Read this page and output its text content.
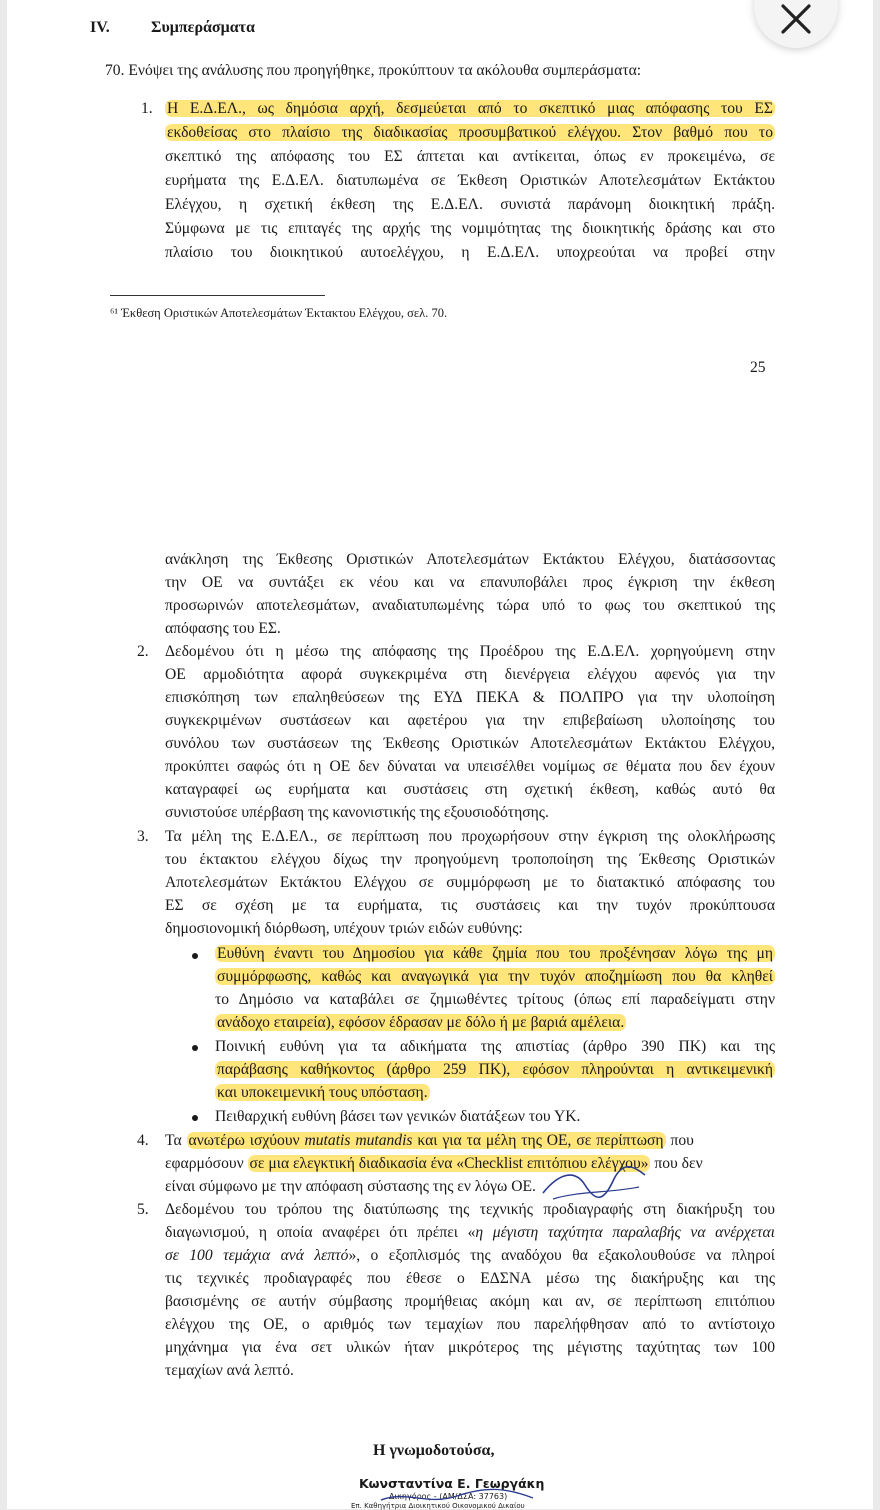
IV.	Συμπεράσματα
70. Ενόψει της ανάλυσης που προηγήθηκε, προκύπτουν τα ακόλουθα συμπεράσματα:
1. Η Ε.Δ.ΕΛ., ως δημόσια αρχή, δεσμεύεται από το σκεπτικό μιας απόφασης του ΕΣ
εκδοθείσας στο πλαίσιο της διαδικασίας προσυμβατικού ελέγχου. Στον βαθμό που το
σκεπτικό της απόφασης του ΕΣ άπτεται και αντίκειται, όπως εν προκειμένω, σε
ευρήματα της Ε.Δ.ΕΛ. διατυπωμένα σε Έκθεση Οριστικών Αποτελεσμάτων Εκτάκτου
Ελέγχου, η σχετική έκθεση της Ε.Δ.ΕΛ. συνιστά παράνομη διοικητική πράξη.
Σύμφωνα με τις επιταγές της αρχής της νομιμότητας της διοικητικής δράσης και στο
πλαίσιο του διοικητικού αυτοελέγχου, η Ε.Δ.ΕΛ. υποχρεούται να προβεί στην
⁶¹ Έκθεση Οριστικών Αποτελεσμάτων Έκτακτου Ελέγχου, σελ. 70.
25
ανάκληση της Έκθεσης Οριστικών Αποτελεσμάτων Εκτάκτου Ελέγχου, διατάσσοντας
την ΟΕ να συντάξει εκ νέου και να επανυποβάλει προς έγκριση την έκθεση
προσωρινών αποτελεσμάτων, αναδιατυπωμένης τώρα υπό το φως του σκεπτικού της
απόφασης του ΕΣ.
2. Δεδομένου ότι η μέσω της απόφασης της Προέδρου της Ε.Δ.ΕΛ. χορηγούμενη στην
ΟΕ αρμοδιότητα αφορά συγκεκριμένα στη διενέργεια ελέγχου αφενός για την
επισκόπηση των επαληθεύσεων της ΕΥΔ ΠΕΚΑ & ΠΟΛΠΡΟ για την υλοποίηση
συγκεκριμένων συστάσεων και αφετέρου για την επιβεβαίωση υλοποίησης του
συνόλου των συστάσεων της Έκθεσης Οριστικών Αποτελεσμάτων Εκτάκτου Ελέγχου,
προκύπτει σαφώς ότι η ΟΕ δεν δύναται να υπεισέλθει νομίμως σε θέματα που δεν έχουν
καταγραφεί ως ευρήματα και συστάσεις στη σχετική έκθεση, καθώς αυτό θα
συνιστούσε υπέρβαση της κανονιστικής της εξουσιοδότησης.
3. Τα μέλη της Ε.Δ.ΕΛ., σε περίπτωση που προχωρήσουν στην έγκριση της ολοκλήρωσης
του έκτακτου ελέγχου δίχως την προηγούμενη τροποποίηση της Έκθεσης Οριστικών
Αποτελεσμάτων Εκτάκτου Ελέγχου σε συμμόρφωση με το διατακτικό απόφασης του
ΕΣ σε σχέση με τα ευρήματα, τις συστάσεις και την τυχόν προκύπτουσα
δημοσιονομική διόρθωση, υπέχουν τριών ειδών ευθύνης:
Ευθύνη έναντι του Δημοσίου για κάθε ζημία που του προξένησαν λόγω της μη
συμμόρφωσης, καθώς και αναγωγικά για την τυχόν αποζημίωση που θα κληθεί
το Δημόσιο να καταβάλει σε ζημιωθέντες τρίτους (όπως επί παραδείγματι στην
ανάδοχο εταιρεία), εφόσον έδρασαν με δόλο ή με βαριά αμέλεια.
Ποινική ευθύνη για τα αδικήματα της απιστίας (άρθρο 390 ΠΚ) και της
παράβασης καθήκοντος (άρθρο 259 ΠΚ), εφόσον πληρούνται η αντικειμενική
και υποκειμενική τους υπόσταση.
Πειθαρχική ευθύνη βάσει των γενικών διατάξεων του ΥΚ.
4. Τα ανωτέρω ισχύουν mutatis mutandis και για τα μέλη της ΟΕ, σε περίπτωση που
εφαρμόσουν σε μια ελεγκτική διαδικασία ένα «Checklist επιτόπιου ελέγχου» που δεν
είναι σύμφωνο με την απόφαση σύστασης της εν λόγω ΟΕ.
5. Δεδομένου του τρόπου της διατύπωσης της τεχνικής προδιαγραφής στη διακήρυξη του
διαγωνισμού, η οποία αναφέρει ότι πρέπει «η μέγιστη ταχύτητα παραλαβής να ανέρχεται
σε 100 τεμάχια ανά λεπτό», ο εξοπλισμός της αναδόχου θα εξακολουθούσε να πληροί
τις τεχνικές προδιαγραφές που έθεσε ο ΕΔΣΝΑ μέσω της διακήρυξης και της
βασισμένης σε αυτήν σύμβασης προμήθειας ακόμη και αν, σε περίπτωση επιτόπιου
ελέγχου της ΟΕ, ο αριθμός των τεμαχίων που παρελήφθησαν από το αντίστοιχο
μηχάνημα για ένα σετ υλικών ήταν μικρότερος της μέγιστης ταχύτητας των 100
τεμαχίων ανά λεπτό.
Η γνωμοδοτούσα,
Κωνσταντίνα Ε. Γεωργάκη
Δικηγόρος - (ΑΜ/ΔΣΑ: 37763)
Επ. Καθηγήτρια Διοικητικού Οικονομικού Δικαίου
